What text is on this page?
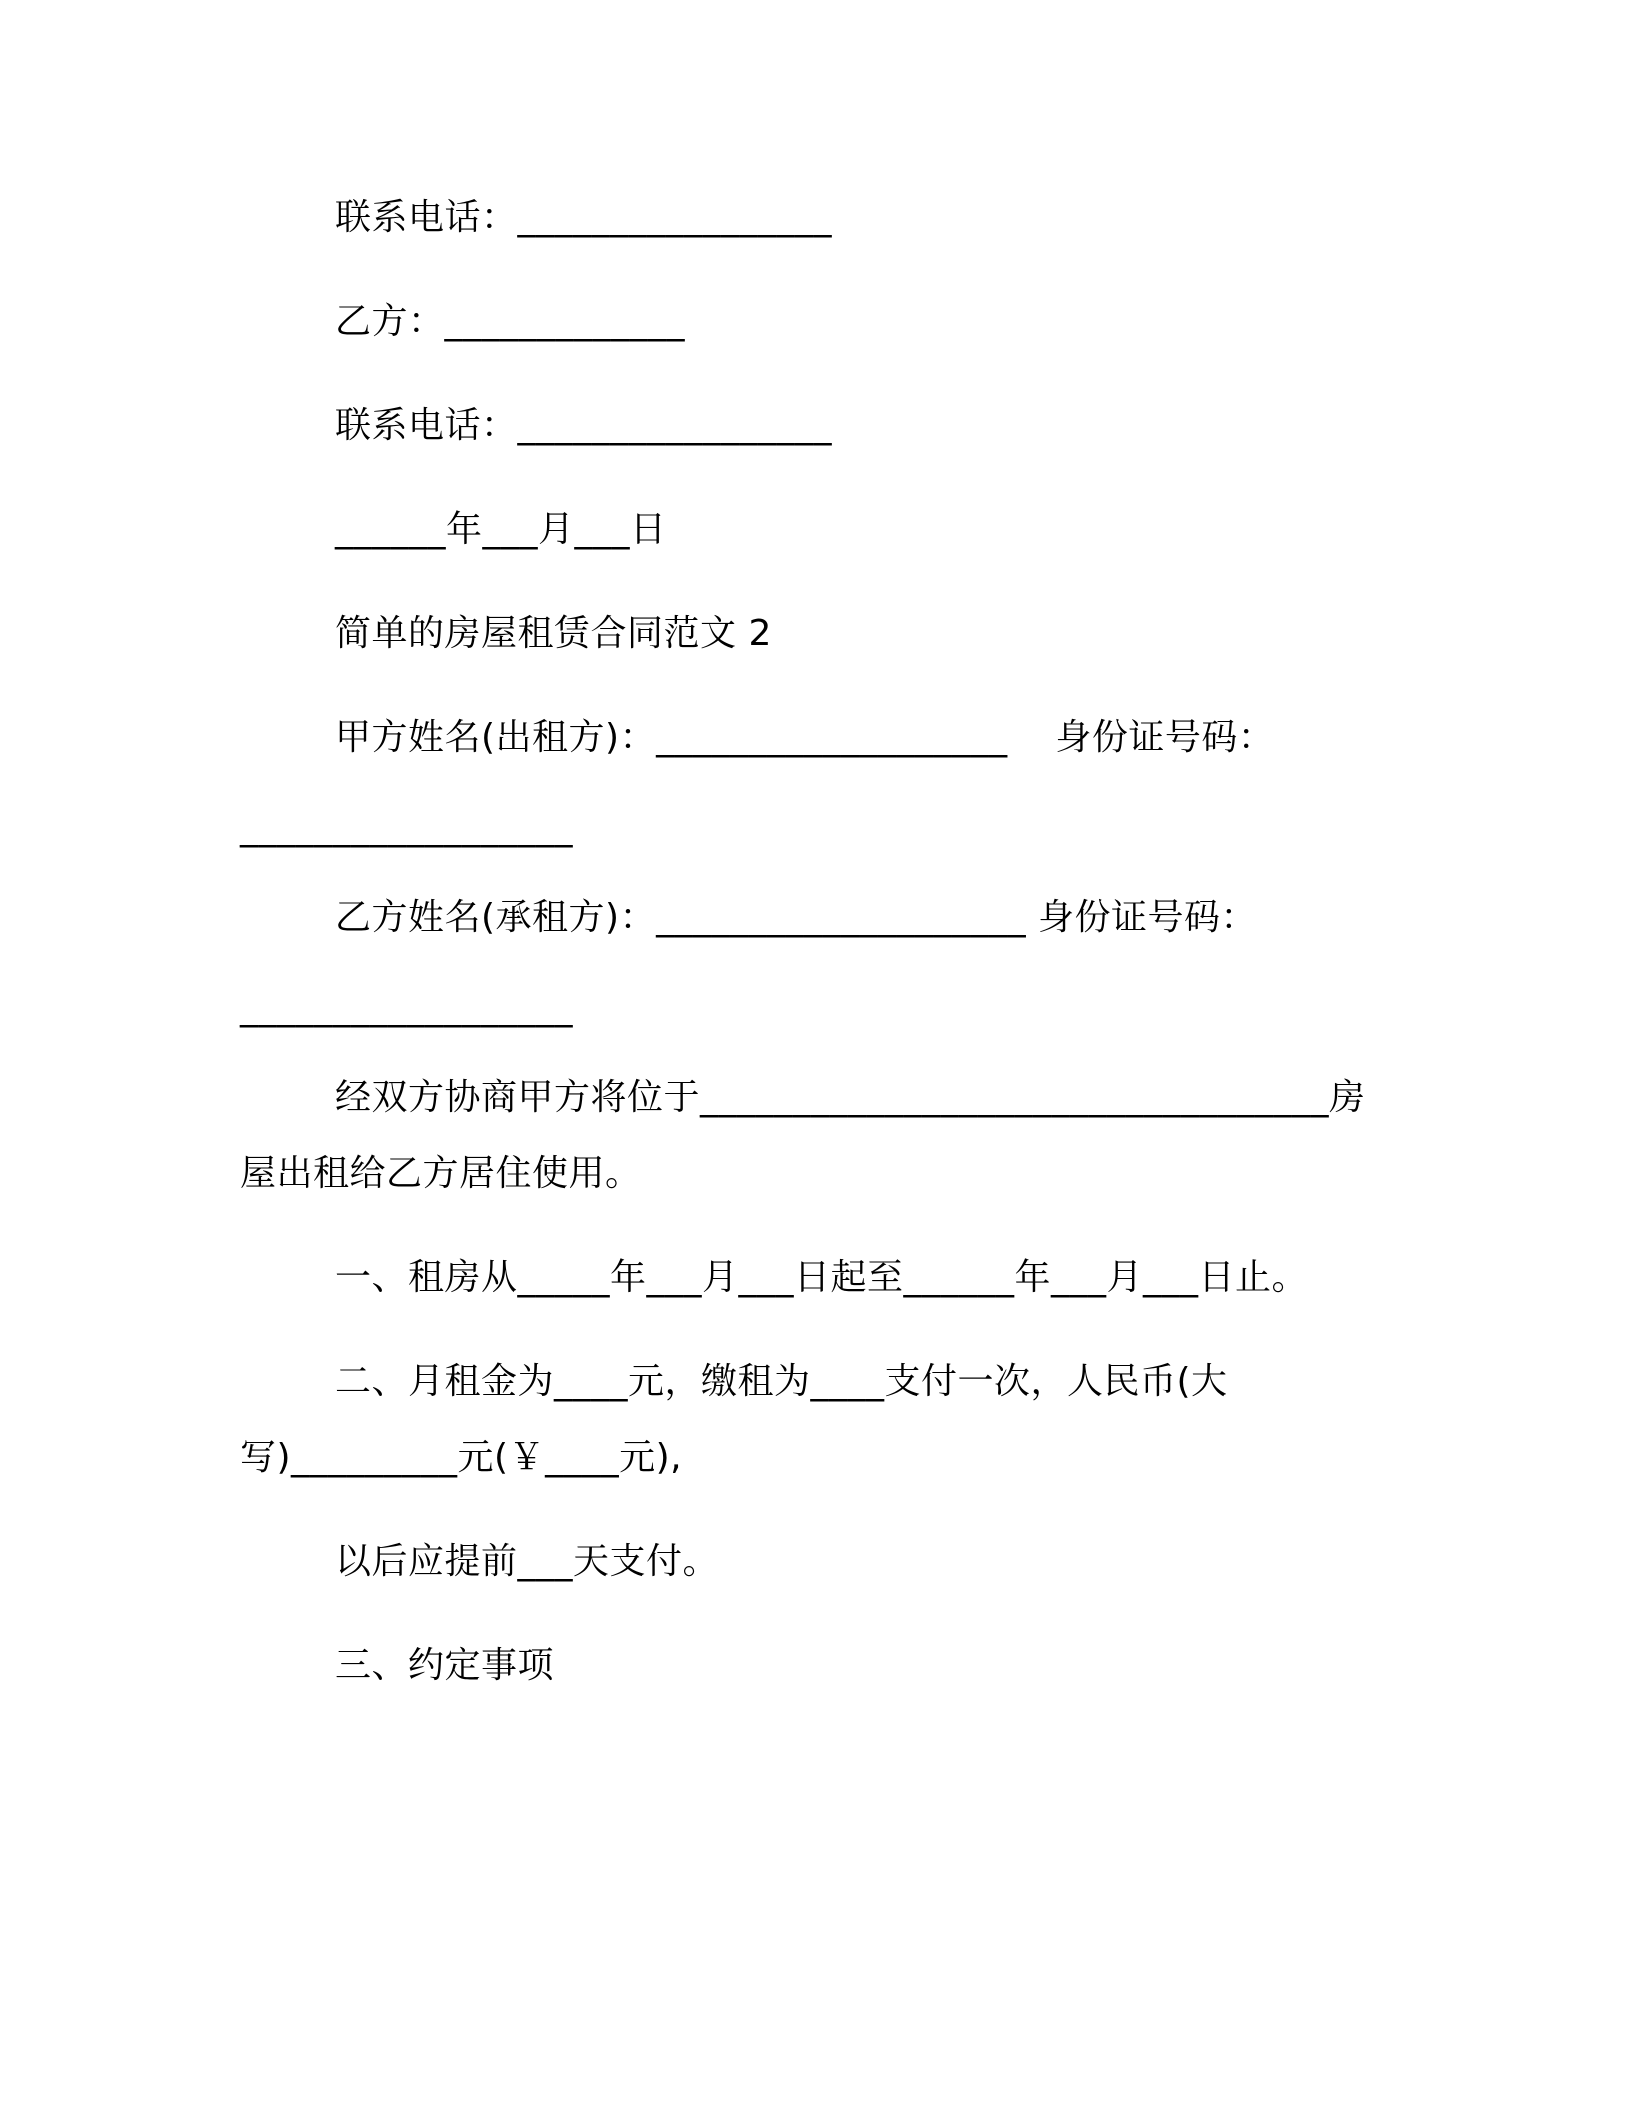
联系电话：_________________
乙方：_____________
联系电话：_________________
______年___月___日
简单的房屋租赁合同范文 2
甲方姓名(出租方)：___________________    身份证号码：
__________________
乙方姓名(承租方)：____________________ 身份证号码：
__________________
经双方协商甲方将位于__________________________________房
屋出租给乙方居住使用。
一、租房从_____年___月___日起至______年___月___日止。
二、月租金为____元，缴租为____支付一次，人民币(大
写)_________元(￥____元),
以后应提前___天支付。
三、约定事项
